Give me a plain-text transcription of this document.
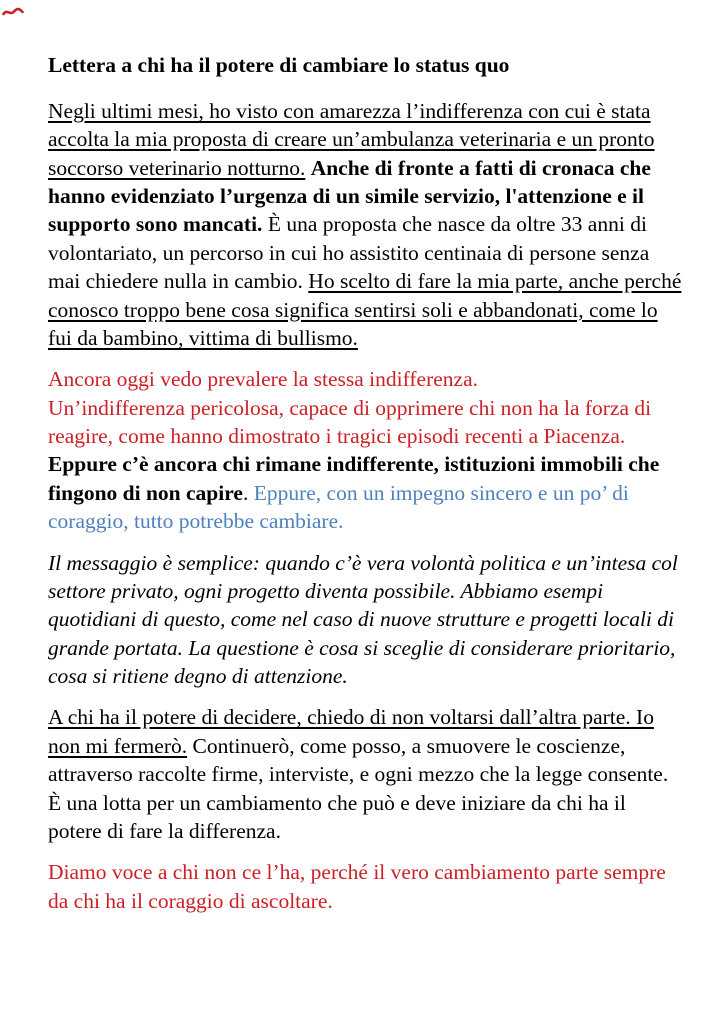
Lettera a chi ha il potere di cambiare lo status quo

Negli ultimi mesi, ho visto con amarezza l’indifferenza con cui è stata accolta la mia proposta di creare un’ambulanza veterinaria e un pronto soccorso veterinario notturno. Anche di fronte a fatti di cronaca che hanno evidenziato l’urgenza di un simile servizio, l'attenzione e il supporto sono mancati. È una proposta che nasce da oltre 33 anni di volontariato, un percorso in cui ho assistito centinaia di persone senza mai chiedere nulla in cambio. Ho scelto di fare la mia parte, anche perché conosco troppo bene cosa significa sentirsi soli e abbandonati, come lo fui da bambino, vittima di bullismo.

Ancora oggi vedo prevalere la stessa indifferenza.
Un’indifferenza pericolosa, capace di opprimere chi non ha la forza di reagire, come hanno dimostrato i tragici episodi recenti a Piacenza. Eppure c’è ancora chi rimane indifferente, istituzioni immobili che fingono di non capire. Eppure, con un impegno sincero e un po’ di coraggio, tutto potrebbe cambiare.

Il messaggio è semplice: quando c’è vera volontà politica e un’intesa col settore privato, ogni progetto diventa possibile. Abbiamo esempi quotidiani di questo, come nel caso di nuove strutture e progetti locali di grande portata. La questione è cosa si sceglie di considerare prioritario, cosa si ritiene degno di attenzione.

A chi ha il potere di decidere, chiedo di non voltarsi dall’altra parte. Io non mi fermerò. Continuerò, come posso, a smuovere le coscienze, attraverso raccolte firme, interviste, e ogni mezzo che la legge consente. È una lotta per un cambiamento che può e deve iniziare da chi ha il potere di fare la differenza.

Diamo voce a chi non ce l’ha, perché il vero cambiamento parte sempre da chi ha il coraggio di ascoltare.
